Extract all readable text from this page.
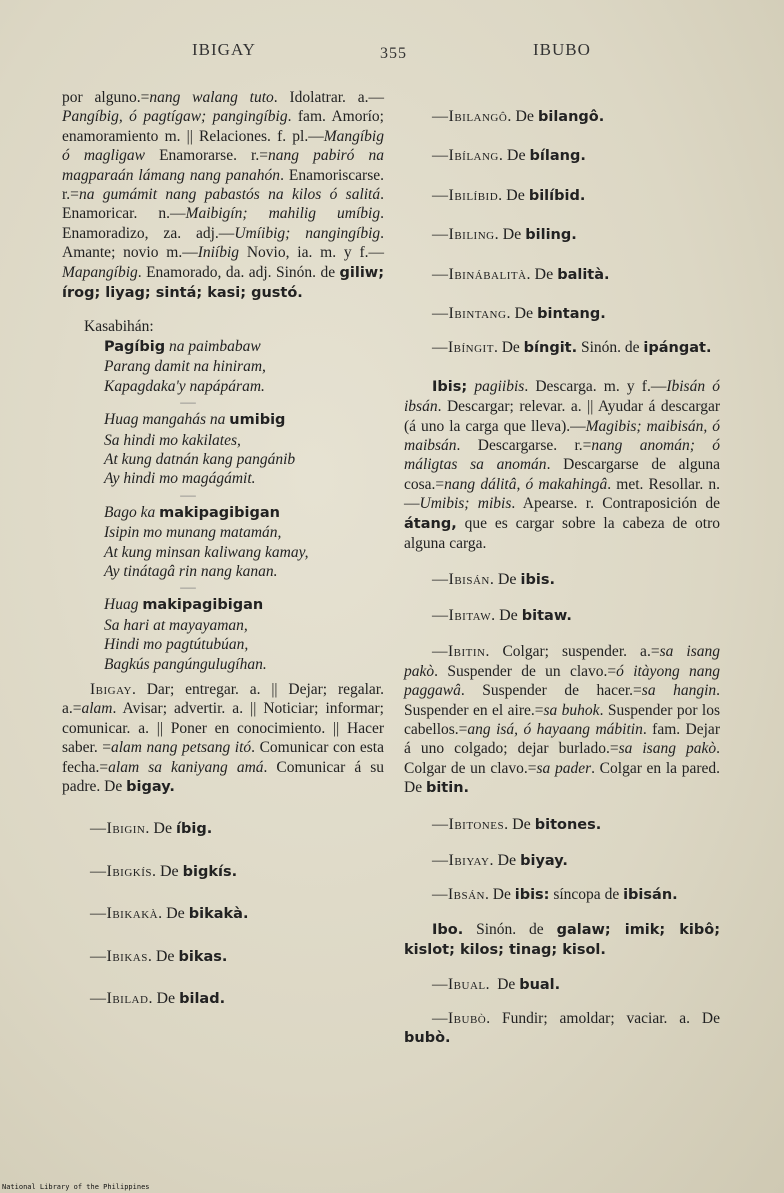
IBIGAY	355	IBUBO

por alguno.=nang walang tuto. Idolatrar. a.—Pangíbig, ó pagtígaw; pangingíbig. fam. Amorío; enamoramiento m. || Relaciones. f. pl.—Mangíbig ó magligaw Enamorarse. r.=nang pabiró na magparaán lámang nang panahón. Enamoriscarse. r.=na gumámit nang pabastós na kilos ó salitá. Enamoricar. n.—Maibigín; mahilig umíbig. Enamoradizo, za. adj.—Umíibig; nangingíbig. Amante; novio m.—Iniíbig Novio, ia. m. y f.—Mapangíbig. Enamorado, da. adj. Sinón. de giliw; írog; liyag; sintá; kasi; gustó.

Kasabihán:
Pagíbig na paimbabaw
Parang damit na hiniram,
Kapagdaka'y napápáram.
—
Huag mangahás na umibig
Sa hindi mo kakilates,
At kung datnán kang pangánib
Ay hindi mo magágámit.
—
Bago ka makipagibigan
Isipin mo munang matamán,
At kung minsan kaliwang kamay,
Ay tinátagâ rin nang kanan.
—
Huag makipagibigan
Sa hari at mayayaman,
Hindi mo pagtútubúan,
Bagkús pangúngulugíhan.

Ibigay. Dar; entregar. a. || Dejar; regalar. a.=alam. Avisar; advertir. a. || Noticiar; informar; comunicar. a. || Poner en conocimiento. || Hacer saber. =alam nang petsang itó. Comunicar con esta fecha.=alam sa kaniyang amá. Comunicar á su padre. De bigay.

—Ibigin. De íbig.

—Ibigkís. De bigkís.

—Ibikakà. De bikakà.

—Ibikas. De bikas.

—Ibilad. De bilad.

—Ibilangô. De bilangô.

—Ibílang. De bílang.

—Ibilíbid. De bilíbid.

—Ibiling. De biling.

—Ibinábalità. De balità.

—Ibintang. De bintang.

—Ibíngit. De bíngit. Sinón. de ipángat.

Ibis; pagiibis. Descarga. m. y f.—Ibisán ó ibsán. Descargar; relevar. a. || Ayudar á descargar (á uno la carga que lleva).—Magibis; maibisán, ó maibsán. Descargarse. r.=nang anomán; ó máligtas sa anomán. Descargarse de alguna cosa.=nang dálitâ, ó makahingâ. met. Resollar. n.—Umibis; mibis. Apearse. r. Contraposición de átang, que es cargar sobre la cabeza de otro alguna carga.

—Ibisán. De ibis.

—Ibitaw. De bitaw.

—Ibitin. Colgar; suspender. a.=sa isang pakò. Suspender de un clavo.=ó itàyong nang paggawâ. Suspender de hacer.=sa hangin. Suspender en el aire.=sa buhok. Suspender por los cabellos.=ang isá, ó hayaang mábitin. fam. Dejar á uno colgado; dejar burlado.=sa isang pakò. Colgar de un clavo.=sa pader. Colgar en la pared. De bitin.

—Ibitones. De bitones.

—Ibiyay. De biyay.

—Ibsán. De ibis: síncopa de ibisán.

Ibo. Sinón. de galaw; imik; kibô; kislot; kilos; tinag; kisol.

—Ibual.  De bual.

—Ibubò. Fundir; amoldar; vaciar. a. De bubò.

National Library of the Philippines
